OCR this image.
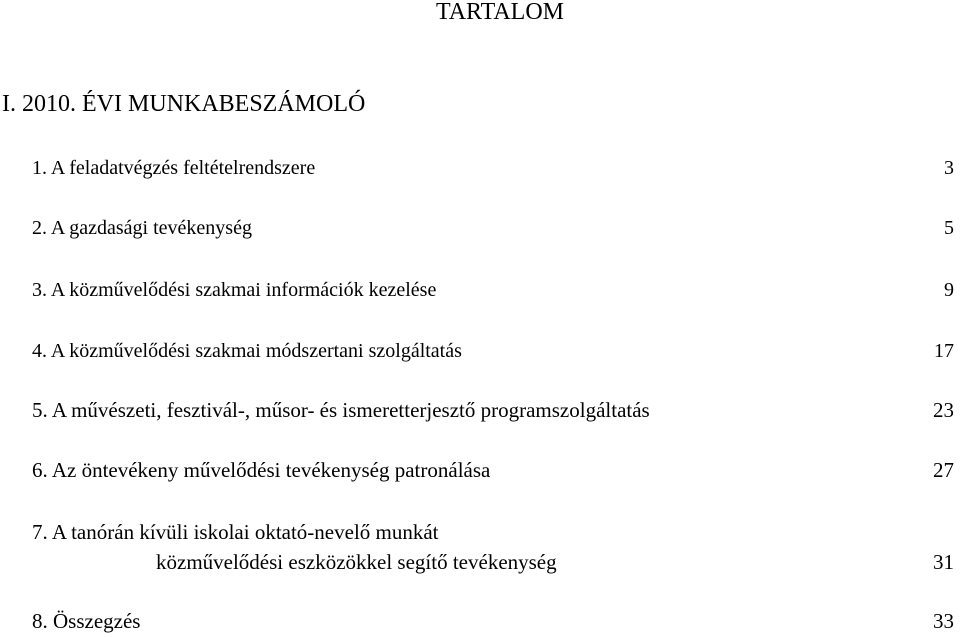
TARTALOM
I. 2010. ÉVI MUNKABESZÁMOLÓ
1. A feladatvégzés feltételrendszere	3
2. A gazdasági tevékenység	5
3. A közművelődési szakmai információk kezelése	9
4. A közművelődési szakmai módszertani szolgáltatás	17
5. A művészeti, fesztivál-, műsor- és ismeretterjesztő programszolgáltatás	23
6. Az öntevékeny művelődési tevékenység patronálása	27
7. A tanórán kívüli iskolai oktató-nevelő munkát
közművelődési eszközökkel segítő tevékenység	31
8. Összegzés	33
